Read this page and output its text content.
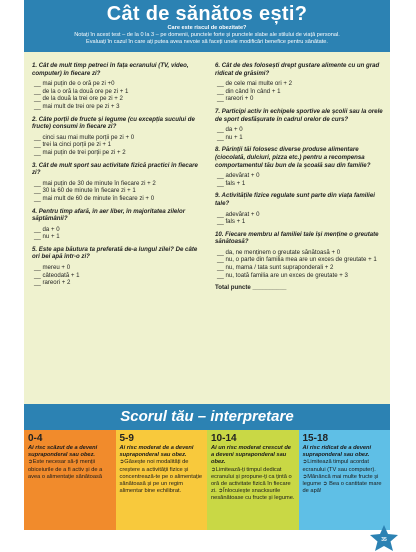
Cât de sănătos ești?
Care este riscul de obezitate?
Notați în acest test – de la 0 la 3 – pe domenii, punctele forte și punctele slabe ale stilului de viață personal.
Evaluați în cazul în care ați putea avea nevoie să faceți unele modificări benefice pentru sănătate.
1. Cât de mult timp petreci în fața ecranului (TV, video, computer) în fiecare zi?
__ mai puțin de o oră pe zi +0
__ de la o oră la două ore pe zi + 1
__ de la două la trei ore pe zi + 2
__ mai mult de trei ore pe zi + 3
2. Câte porții de fructe și legume (cu excepția sucului de fructe) consumi în fiecare zi?
__ cinci sau mai multe porții pe zi + 0
__ trei la cinci porții pe zi + 1
__ mai puțin de trei porții pe zi + 2
3. Cât de mult sport sau activitate fizică practici în fiecare zi?
__ mai puțin de 30 de minute în fiecare zi + 2
__ 30 la 60 de minute în fiecare zi + 1
__ mai mult de 60 de minute în fiecare zi + 0
4. Pentru timp afară, în aer liber, în majoritatea zilelor săptămânii?
__ da + 0
__ nu + 1
5. Este apa băutura ta preferată de-a lungul zilei? De câte ori bei apă într-o zi?
__ mereu + 0
__ câteodată + 1
__ rareori + 2
6. Cât de des folosești drept gustare alimente cu un grad ridicat de grăsimi?
__ de cele mai multe ori + 2
__ din când în când + 1
__ rareori + 0
7. Participi activ în echipele sportive ale școlii sau la orele de sport desfășurate în cadrul orelor de curs?
__ da + 0
__ nu + 1
8. Părinții tăi folosesc diverse produse alimentare (ciocolată, dulciuri, pizza etc.) pentru a recompensa comportamentul tău bun de la școală sau din familie?
__ adevărat + 0
__ fals + 1
9. Activitățile fizice regulate sunt parte din viața familiei tale?
__ adevărat + 0
__ fals + 1
10. Fiecare membru al familiei tale își menține o greutate sănătoasă?
__ da, ne menținem o greutate sănătoasă + 0
__ nu, o parte din familia mea are un exces de greutate + 1
__ nu, mama / tata sunt supraponderali + 2
__ nu, toată familia are un exces de greutate + 3
Total puncte __________
Scorul tău – interpretare
0-4
Ai risc scăzut de a deveni supraponderal sau obez.
➲Este necesar să-ți menții obiceiurile de a fi activ și de a avea o alimentație sănătoasă
5-9
Ai risc moderat de a deveni supraponderal sau obez.
➲Găsește noi modalități de creștere a activității fizice și concentrează-te pe o alimentație sănătoasă și pe un regim alimentar bine echilibrat.
10-14
Ai un risc moderat crescut de a deveni supraponderal sau obez.
➲Limitează-ți timpul dedicat ecranului și propune-ți ca țintă o oră de activitate fizică în fiecare zi. ➲Înlocuiește snacksurile nesănătoase cu fructe și legume.
15-18
Ai risc ridicat de a deveni supraponderal sau obez.
➲Limitează timpul acordat ecranului (TV sau computer). ➲Mănâncă mai multe fructe și legume ➲ Bea o cantitate mare de apă!
35
